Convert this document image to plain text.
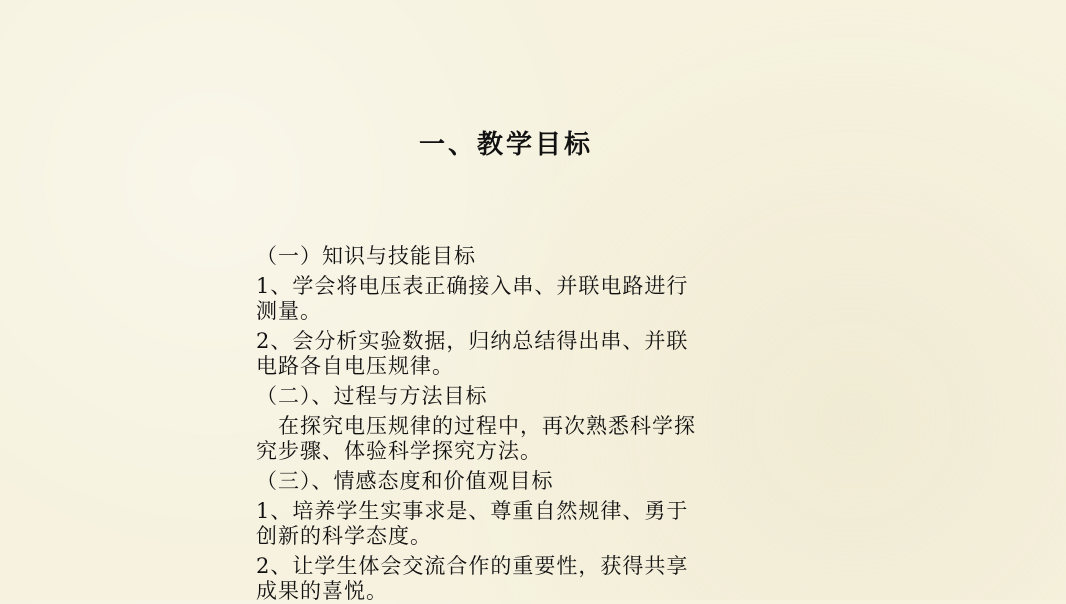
一、教学目标
（一）知识与技能目标
1、学会将电压表正确接入串、并联电路进行
测量。
2、会分析实验数据，归纳总结得出串、并联
电路各自电压规律。
（二）、过程与方法目标
　在探究电压规律的过程中，再次熟悉科学探
究步骤、体验科学探究方法。
（三）、情感态度和价值观目标
1、培养学生实事求是、尊重自然规律、勇于
创新的科学态度。
2、让学生体会交流合作的重要性，获得共享
成果的喜悦。
